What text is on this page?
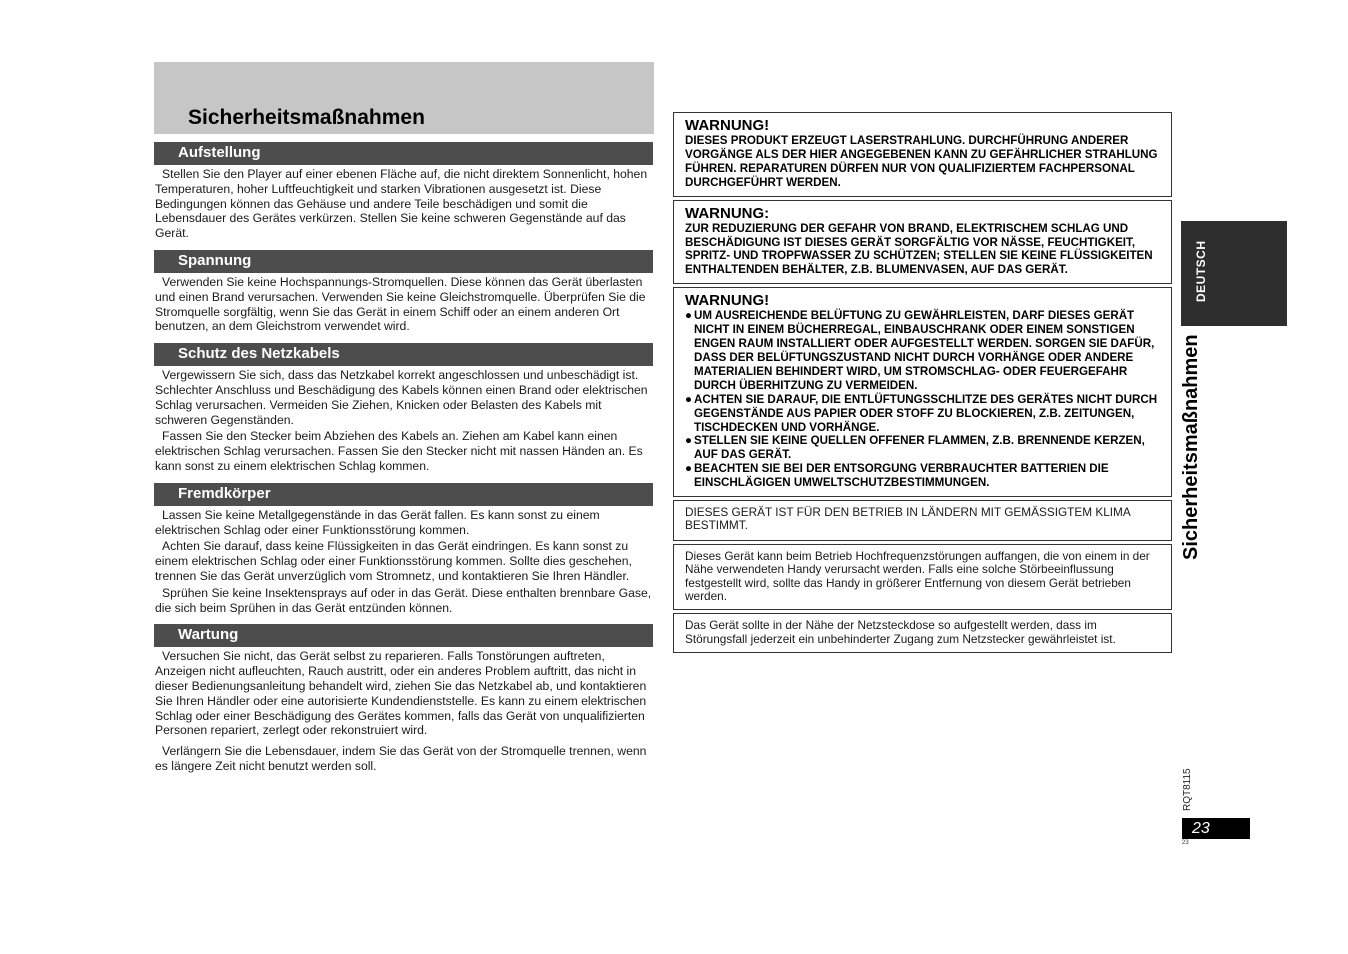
Sicherheitsmaßnahmen
Aufstellung

Stellen Sie den Player auf einer ebenen Fläche auf, die nicht direktem Sonnenlicht, hohen Temperaturen, hoher Luftfeuchtigkeit und starken Vibrationen ausgesetzt ist. Diese Bedingungen können das Gehäuse und andere Teile beschädigen und somit die Lebensdauer des Gerätes verkürzen. Stellen Sie keine schweren Gegenstände auf das Gerät.

Spannung

Verwenden Sie keine Hochspannungs-Stromquellen. Diese können das Gerät überlasten und einen Brand verursachen. Verwenden Sie keine Gleichstromquelle. Überprüfen Sie die Stromquelle sorgfältig, wenn Sie das Gerät in einem Schiff oder an einem anderen Ort benutzen, an dem Gleichstrom verwendet wird.

Schutz des Netzkabels

Vergewissern Sie sich, dass das Netzkabel korrekt angeschlossen und unbeschädigt ist. Schlechter Anschluss und Beschädigung des Kabels können einen Brand oder elektrischen Schlag verursachen. Vermeiden Sie Ziehen, Knicken oder Belasten des Kabels mit schweren Gegenständen.

Fassen Sie den Stecker beim Abziehen des Kabels an. Ziehen am Kabel kann einen elektrischen Schlag verursachen. Fassen Sie den Stecker nicht mit nassen Händen an. Es kann sonst zu einem elektrischen Schlag kommen.

Fremdkörper

Lassen Sie keine Metallgegenstände in das Gerät fallen. Es kann sonst zu einem elektrischen Schlag oder einer Funktionsstörung kommen.

Achten Sie darauf, dass keine Flüssigkeiten in das Gerät eindringen. Es kann sonst zu einem elektrischen Schlag oder einer Funktionsstörung kommen. Sollte dies geschehen, trennen Sie das Gerät unverzüglich vom Stromnetz, und kontaktieren Sie Ihren Händler.

Sprühen Sie keine Insektensprays auf oder in das Gerät. Diese enthalten brennbare Gase, die sich beim Sprühen in das Gerät entzünden können.

Wartung

Versuchen Sie nicht, das Gerät selbst zu reparieren. Falls Tonstörungen auftreten, Anzeigen nicht aufleuchten, Rauch austritt, oder ein anderes Problem auftritt, das nicht in dieser Bedienungsanleitung behandelt wird, ziehen Sie das Netzkabel ab, und kontaktieren Sie Ihren Händler oder eine autorisierte Kundendienststelle. Es kann zu einem elektrischen Schlag oder einer Beschädigung des Gerätes kommen, falls das Gerät von unqualifizierten Personen repariert, zerlegt oder rekonstruiert wird.

Verlängern Sie die Lebensdauer, indem Sie das Gerät von der Stromquelle trennen, wenn es längere Zeit nicht benutzt werden soll.

WARNUNG!

DIESES PRODUKT ERZEUGT LASERSTRAHLUNG. DURCHFÜHRUNG ANDERER VORGÄNGE ALS DER HIER ANGEGEBENEN KANN ZU GEFÄHRLICHER STRAHLUNG FÜHREN. REPARATUREN DÜRFEN NUR VON QUALIFIZIERTEM FACHPERSONAL DURCHGEFÜHRT WERDEN.

WARNUNG:

ZUR REDUZIERUNG DER GEFAHR VON BRAND, ELEKTRISCHEM SCHLAG UND BESCHÄDIGUNG IST DIESES GERÄT SORGFÄLTIG VOR NÄSSE, FEUCHTIGKEIT, SPRITZ- UND TROPFWASSER ZU SCHÜTZEN; STELLEN SIE KEINE FLÜSSIGKEITEN ENTHALTENDEN BEHÄLTER, Z.B. BLUMENVASEN, AUF DAS GERÄT.

WARNUNG!

● UM AUSREICHENDE BELÜFTUNG ZU GEWÄHRLEISTEN, DARF DIESES GERÄT NICHT IN EINEM BÜCHERREGAL, EINBAUSCHRANK ODER EINEM SONSTIGEN ENGEN RAUM INSTALLIERT ODER AUFGESTELLT WERDEN. SORGEN SIE DAFÜR, DASS DER BELÜFTUNGSZUSTAND NICHT DURCH VORHÄNGE ODER ANDERE MATERIALIEN BEHINDERT WIRD, UM STROMSCHLAG- ODER FEUERGEFAHR DURCH ÜBERHITZUNG ZU VERMEIDEN.
● ACHTEN SIE DARAUF, DIE ENTLÜFTUNGSSCHLITZE DES GERÄTES NICHT DURCH GEGENSTÄNDE AUS PAPIER ODER STOFF ZU BLOCKIEREN, Z.B. ZEITUNGEN, TISCHDECKEN UND VORHÄNGE.
● STELLEN SIE KEINE QUELLEN OFFENER FLAMMEN, Z.B. BRENNENDE KERZEN, AUF DAS GERÄT.
● BEACHTEN SIE BEI DER ENTSORGUNG VERBRAUCHTER BATTERIEN DIE EINSCHLÄGIGEN UMWELTSCHUTZBESTIMMUNGEN.

DIESES GERÄT IST FÜR DEN BETRIEB IN LÄNDERN MIT GEMÄSSIGTEM KLIMA BESTIMMT.

Dieses Gerät kann beim Betrieb Hochfrequenzstörungen auffangen, die von einem in der Nähe verwendeten Handy verursacht werden. Falls eine solche Störbeeinflussung festgestellt wird, sollte das Handy in größerer Entfernung von diesem Gerät betrieben werden.

Das Gerät sollte in der Nähe der Netzsteckdose so aufgestellt werden, dass im Störungsfall jederzeit ein unbehinderter Zugang zum Netzstecker gewährleistet ist.

DEUTSCH
Sicherheitsmaßnahmen
RQT8115
23
23
